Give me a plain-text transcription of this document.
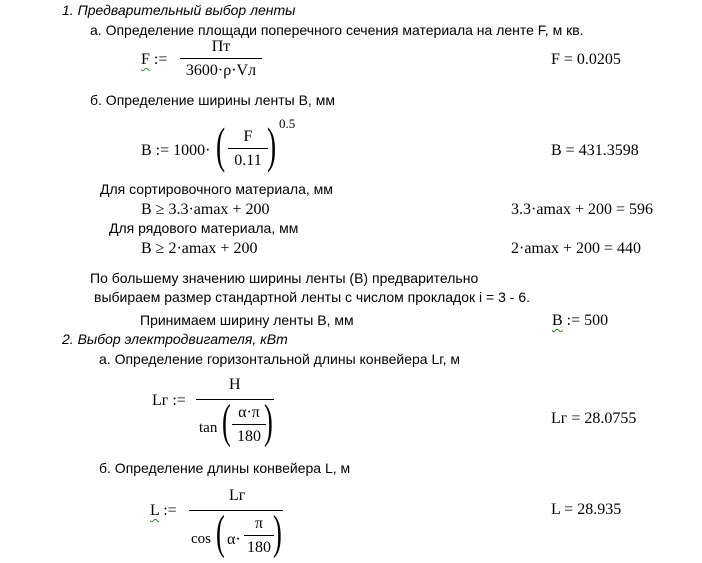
1. Предварительный выбор ленты
а. Определение площади поперечного сечения материала на ленте F, м кв.
F :=
Пт
3600·ρ·Vл
F = 0.0205
б. Определение ширины ленты В, мм
B := 1000· ( F
0.11 ) 0.5
B = 431.3598
Для сортировочного материала, мм
B ≥ 3.3·amax + 200	3.3·amax + 200 = 596
Для рядового материала, мм
B ≥ 2·amax + 200	2·amax + 200 = 440
По большему значению ширины ленты (В) предварительно
выбираем размер стандартной ленты с числом прокладок i = 3 - 6.
Принимаем ширину ленты В, мм	B := 500
2. Выбор электродвигателя, кВт
а. Определение горизонтальной длины конвейера Lг, м
Lг :=
H
tan ( α·π
180 )	Lг = 28.0755
б. Определение длины конвейера L, м
L :=
Lг
cos ( α·
π
180 )	L = 28.935
